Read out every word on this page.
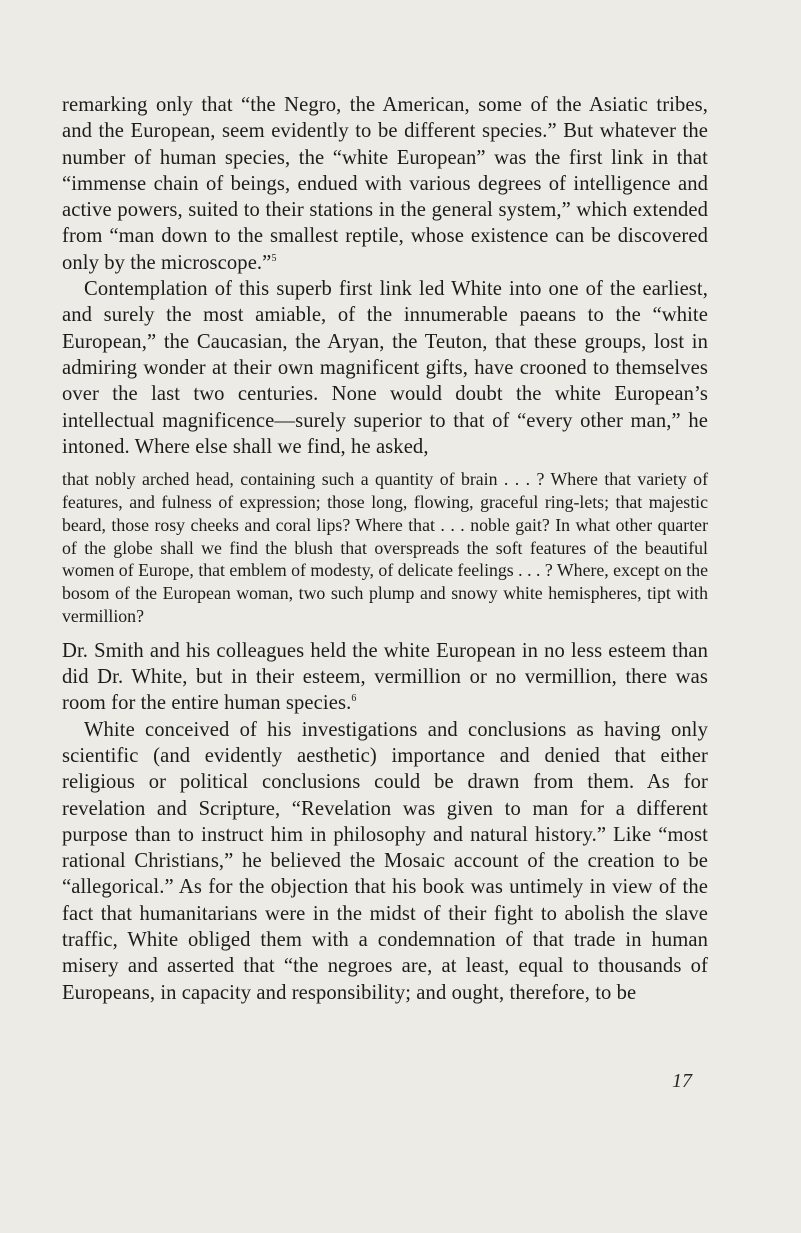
remarking only that “the Negro, the American, some of the Asiatic tribes, and the European, seem evidently to be different species.” But whatever the number of human species, the “white European” was the first link in that “immense chain of beings, endued with various degrees of intelligence and active powers, suited to their stations in the general system,” which extended from “man down to the smallest reptile, whose existence can be discovered only by the microscope.”$^5$

Contemplation of this superb first link led White into one of the earliest, and surely the most amiable, of the innumerable paeans to the “white European,” the Caucasian, the Aryan, the Teuton, that these groups, lost in admiring wonder at their own magnificent gifts, have crooned to themselves over the last two centuries. None would doubt the white European’s intellectual magnificence—surely superior to that of “every other man,” he intoned. Where else shall we find, he asked,

that nobly arched head, containing such a quantity of brain . . . ? Where that variety of features, and fulness of expression; those long, flowing, graceful ring-lets; that majestic beard, those rosy cheeks and coral lips? Where that . . . noble gait? In what other quarter of the globe shall we find the blush that overspreads the soft features of the beautiful women of Europe, that emblem of modesty, of delicate feelings . . . ? Where, except on the bosom of the European woman, two such plump and snowy white hemispheres, tipt with vermillion?

Dr. Smith and his colleagues held the white European in no less esteem than did Dr. White, but in their esteem, vermillion or no vermillion, there was room for the entire human species.$^6$

White conceived of his investigations and conclusions as having only scientific (and evidently aesthetic) importance and denied that either religious or political conclusions could be drawn from them. As for revelation and Scripture, “Revelation was given to man for a different purpose than to instruct him in philosophy and natural history.” Like “most rational Christians,” he believed the Mosaic account of the creation to be “allegorical.” As for the objection that his book was untimely in view of the fact that humanitarians were in the midst of their fight to abolish the slave traffic, White obliged them with a condemnation of that trade in human misery and asserted that “the negroes are, at least, equal to thousands of Europeans, in capacity and responsibility; and ought, therefore, to be

17
